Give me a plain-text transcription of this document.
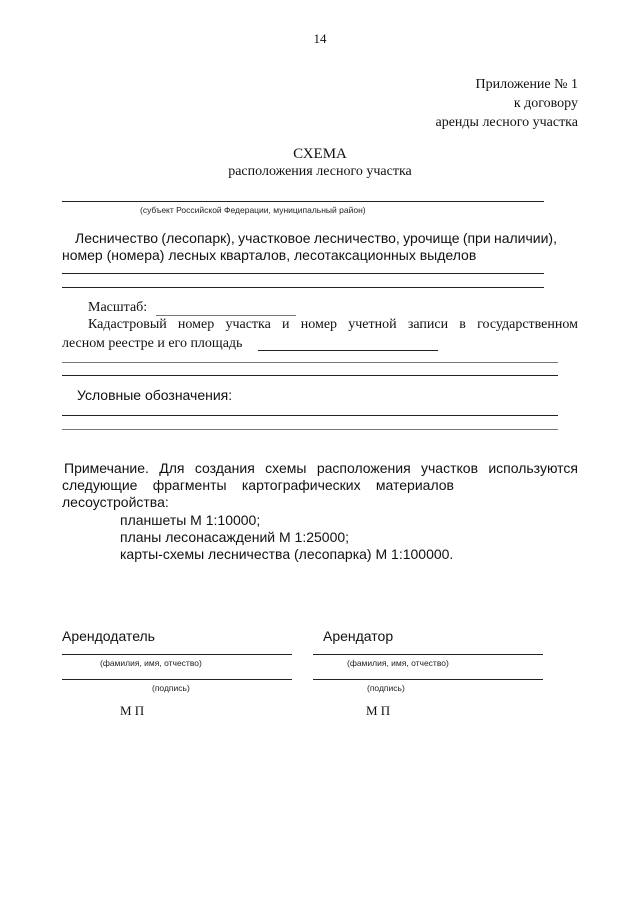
14
Приложение № 1
к договору
аренды лесного участка
СХЕМА
расположения лесного участка
(субъект Российской Федерации, муниципальный район)
Лесничество (лесопарк), участковое лесничество, урочище (при наличии),
номер (номера) лесных кварталов, лесотаксационных выделов
Масштаб:
Кадастровый номер участка и номер учетной записи в государственном
лесном реестре и его площадь
Условные обозначения:
Примечание. Для создания схемы расположения участков используются
следующие фрагменты картографических материалов
лесоустройства:
планшеты М 1:10000;
планы лесонасаждений М 1:25000;
карты-схемы лесничества (лесопарка) М 1:100000.
Арендодатель	Арендатор
(фамилия, имя, отчество)	(фамилия, имя, отчество)
(подпись)	(подпись)
М П	М П
